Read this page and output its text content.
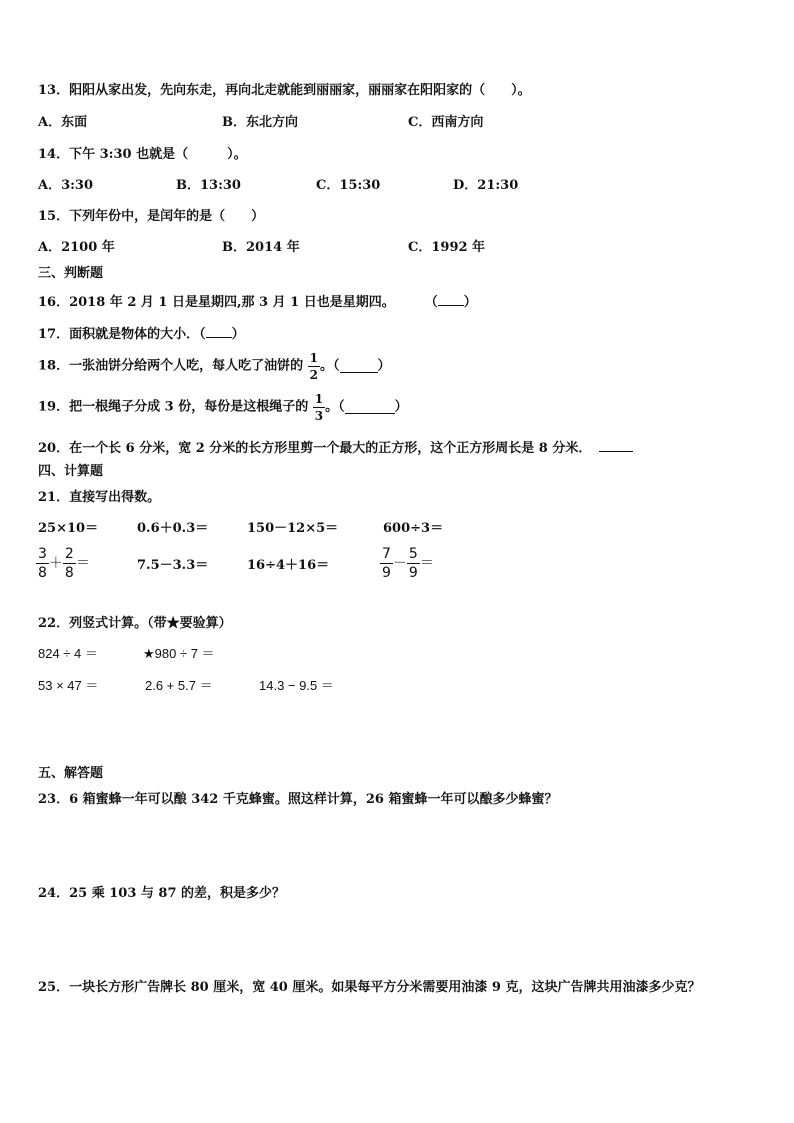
13．阳阳从家出发，先向东走，再向北走就能到丽丽家，丽丽家在阳阳家的（　　）。
A．东面	B．东北方向	C．西南方向
14．下午 3:30 也就是（　　　）。
A．3:30	B．13:30	C．15:30	D．21:30
15．下列年份中，是闰年的是（　　）
A．2100 年	B．2014 年	C．1992 年
三、判断题
16．2018 年 2 月 1 日是星期四,那 3 月 1 日也是星期四。 （ ）
17．面积就是物体的大小．（ ）
18．一张油饼分给两个人吃，每人吃了油饼的 $\frac{1}{2}$ 。（	）
19．把一根绳子分成 3 份，每份是这根绳子的 $\frac{1}{3}$ 。（	）
20．在一个长 6 分米，宽 2 分米的长方形里剪一个最大的正方形，这个正方形周长是 8 分米．
四、计算题
21．直接写出得数。
25×10＝	0.6＋0.3＝	150－12×5＝	600÷3＝
$\frac{3}{8} + \frac{2}{8}$ ＝	7.5－3.3＝	16÷4＋16＝	$\frac{7}{9} - \frac{5}{9}$ ＝
22．列竖式计算。（带★要验算）
824 ÷ 4 ＝	★980 ÷ 7 ＝
53 × 47 ＝	2.6 + 5.7 ＝	14.3 − 9.5 ＝
五、解答题
23．6 箱蜜蜂一年可以酿 342 千克蜂蜜。照这样计算，26 箱蜜蜂一年可以酿多少蜂蜜？
24．25 乘 103 与 87 的差，积是多少？
25．一块长方形广告牌长 80 厘米，宽 40 厘米。如果每平方分米需要用油漆 9 克，这块广告牌共用油漆多少克？
